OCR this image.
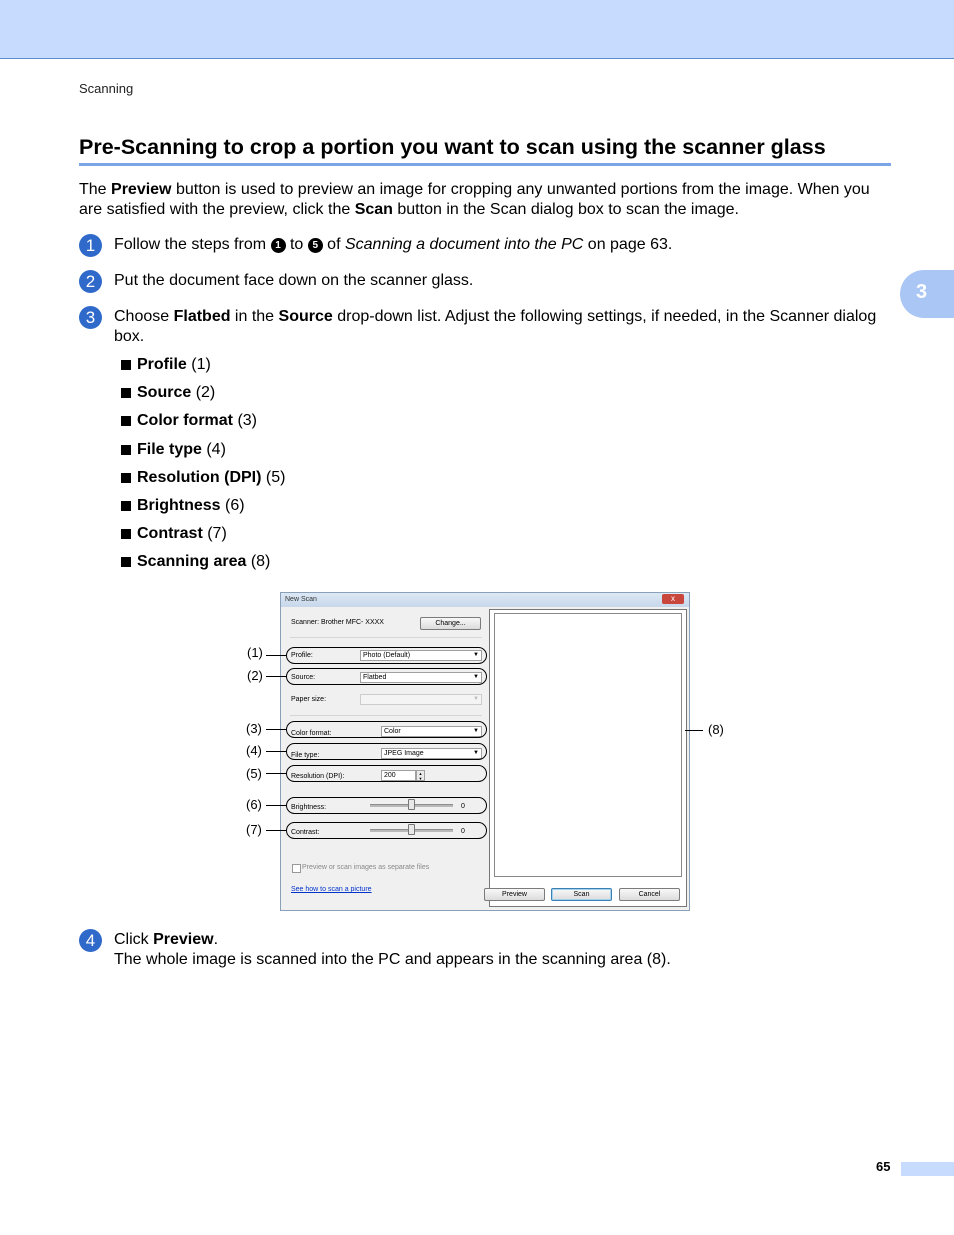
Scanning
3
Pre-Scanning to crop a portion you want to scan using the scanner glass
The Preview button is used to preview an image for cropping any unwanted portions from the image. When you are satisfied with the preview, click the Scan button in the Scan dialog box to scan the image.
1	Follow the steps from 1 to 5 of Scanning a document into the PC on page 63.
2	Put the document face down on the scanner glass.
3	Choose Flatbed in the Source drop-down list. Adjust the following settings, if needed, in the Scanner dialog box.
Profile (1)
Source (2)
Color format (3)
File type (4)
Resolution (DPI) (5)
Brightness (6)
Contrast (7)
Scanning area (8)
New Scan	x
Scanner: Brother MFC- XXXX	Change...
Profile:	Photo (Default)	▼
Source:	Flatbed	▼
Paper size:	▼
Color format:	Color	▼
File type:	JPEG Image	▼
Resolution (DPI):	200	▲
▼
Brightness:	0
Contrast:	0
Preview or scan images as separate files
See how to scan a picture
Preview	Scan	Cancel
(1)
(2)
(3)
(4)
(5)
(6)
(7)
(8)
4	Click Preview.
The whole image is scanned into the PC and appears in the scanning area (8).
65
